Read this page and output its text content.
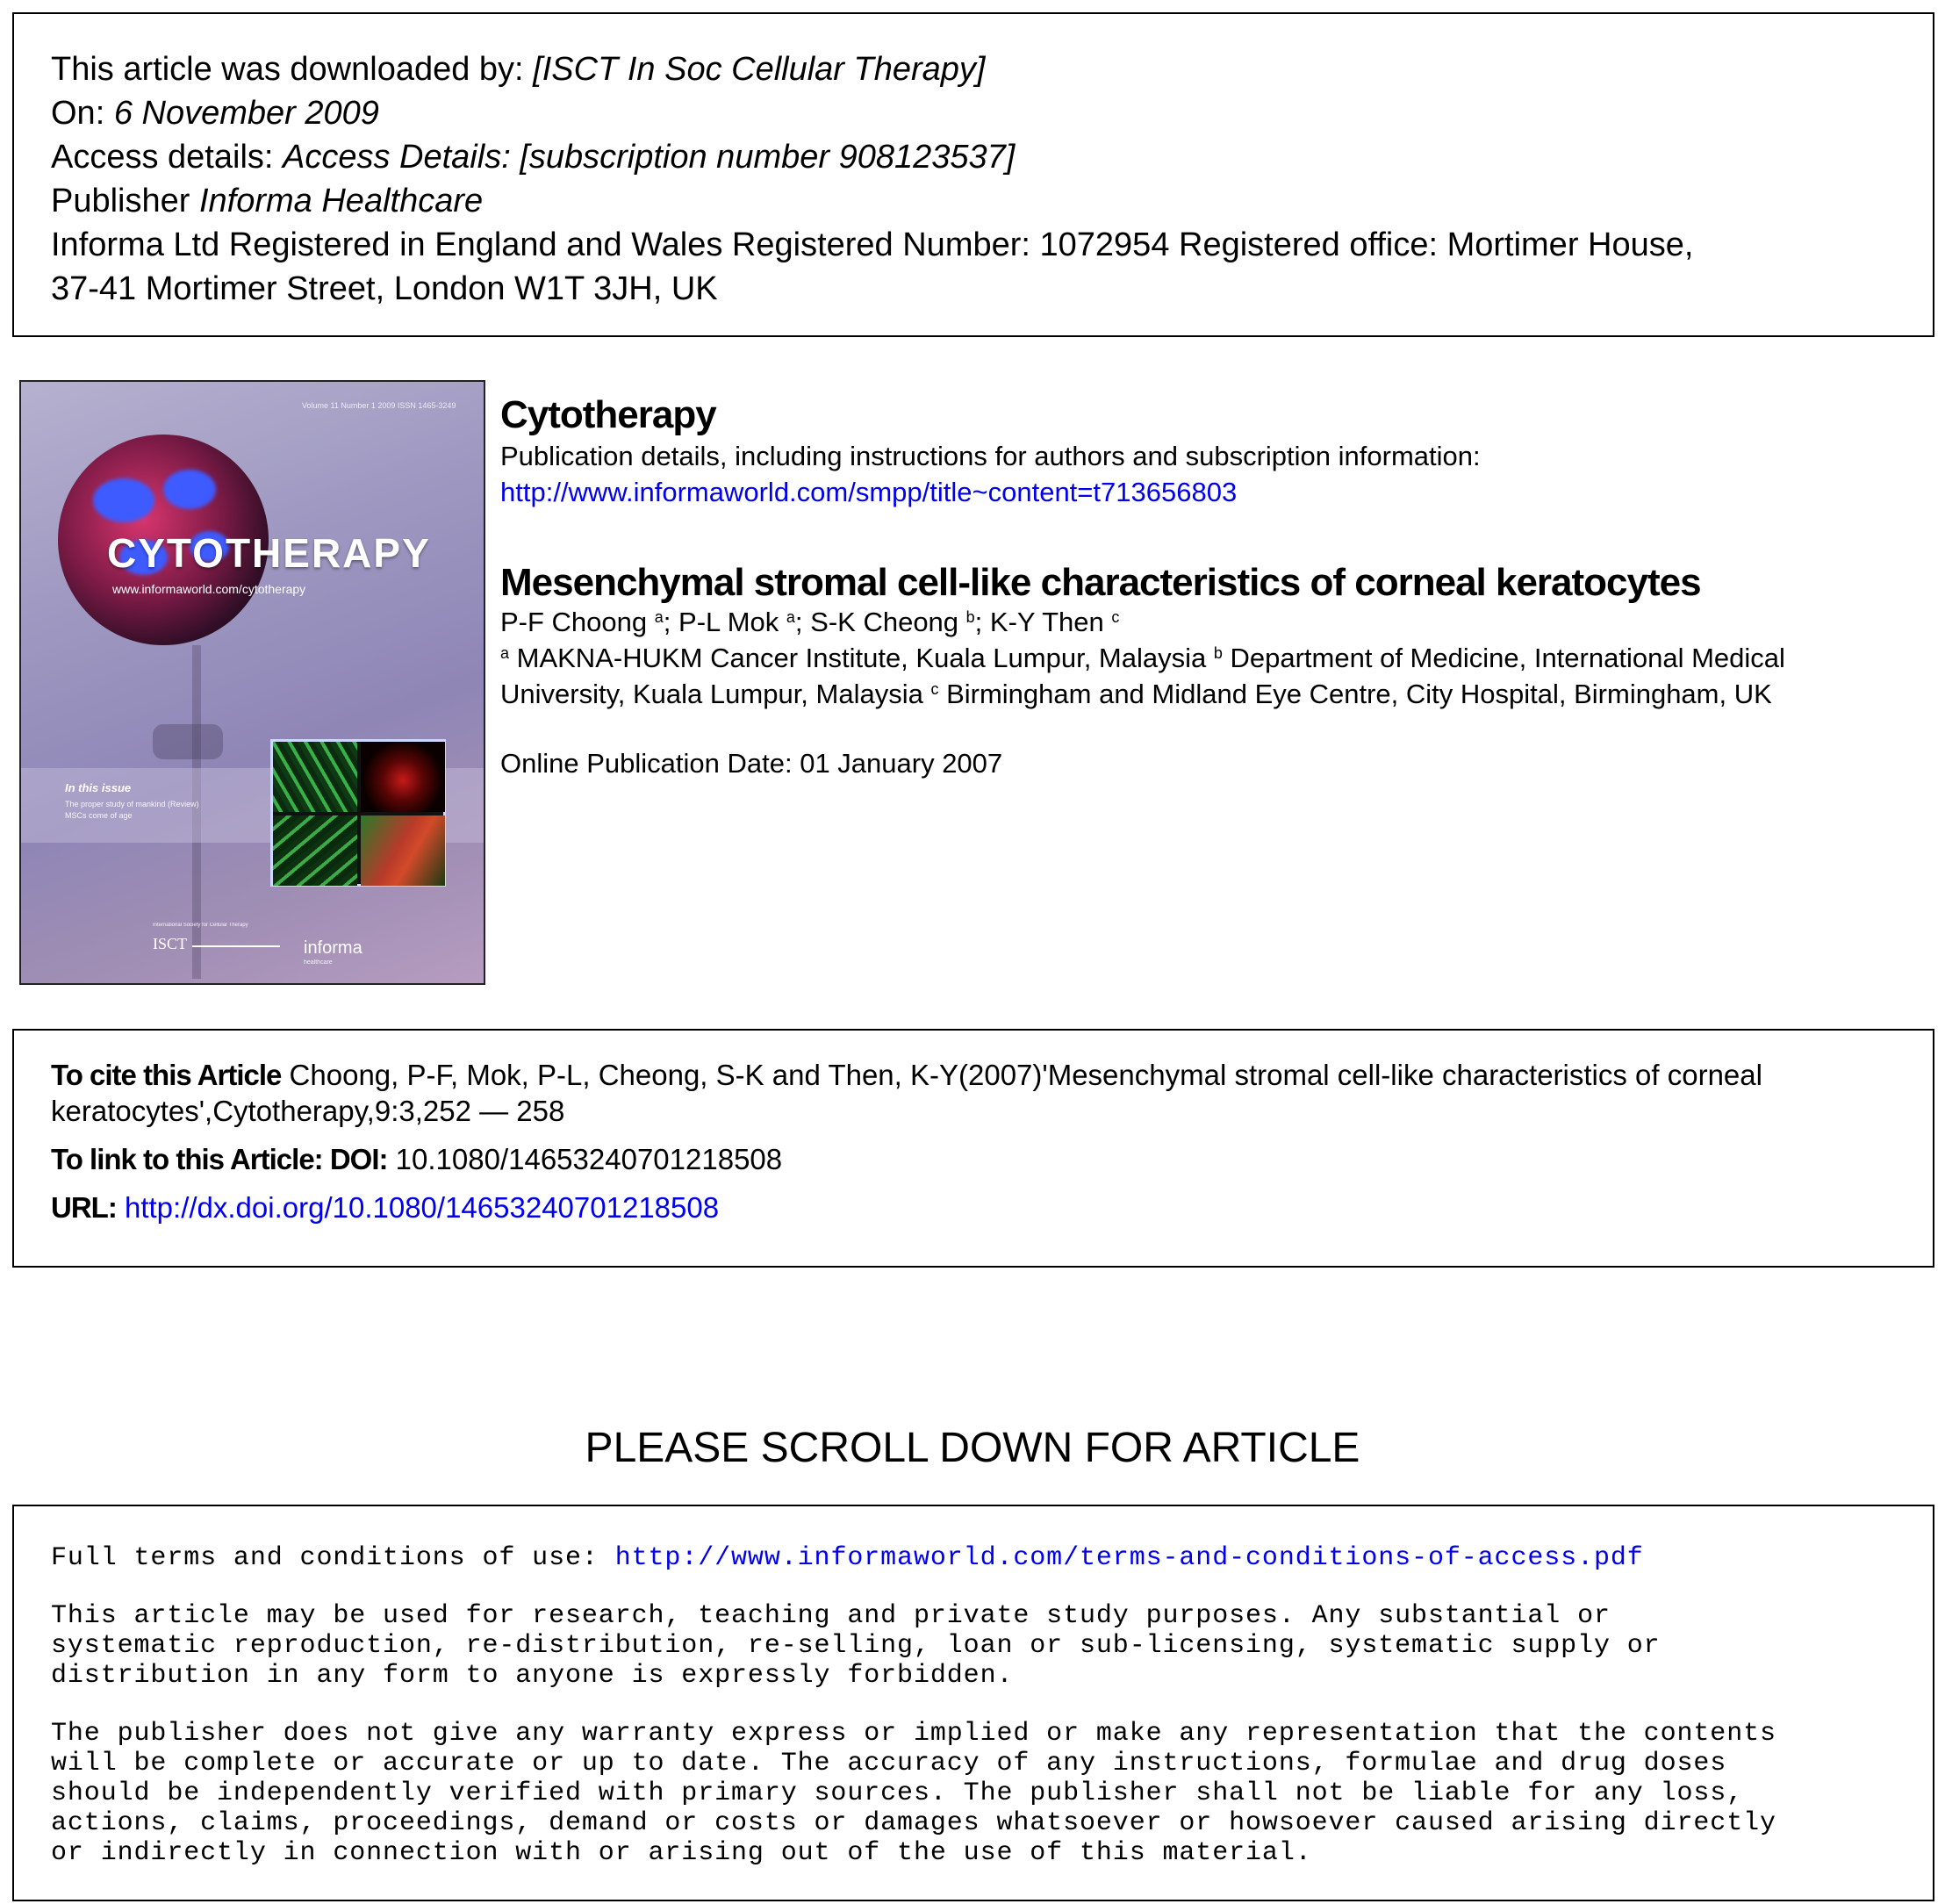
This article was downloaded by: [ISCT In Soc Cellular Therapy]
On: 6 November 2009
Access details: Access Details: [subscription number 908123537]
Publisher Informa Healthcare
Informa Ltd Registered in England and Wales Registered Number: 1072954 Registered office: Mortimer House,
37-41 Mortimer Street, London W1T 3JH, UK
Volume 11 Number 1 2009 ISSN 1465-3249
CYTOTHERAPY
www.informaworld.com/cytotherapy
In this issue
The proper study of mankind (Review)
MSCs come of age
International Society for Cellular Therapy
ISCT	informa
healthcare
Cytotherapy
Publication details, including instructions for authors and subscription information:
http://www.informaworld.com/smpp/title~content=t713656803
Mesenchymal stromal cell-like characteristics of corneal keratocytes
P-F Choong $^a$; P-L Mok $^a$; S-K Cheong $^b$; K-Y Then $^c$
$^a$ MAKNA-HUKM Cancer Institute, Kuala Lumpur, Malaysia $^b$ Department of Medicine, International Medical
University, Kuala Lumpur, Malaysia $^c$ Birmingham and Midland Eye Centre, City Hospital, Birmingham, UK
Online Publication Date: 01 January 2007
To cite this Article Choong, P-F, Mok, P-L, Cheong, S-K and Then, K-Y(2007)'Mesenchymal stromal cell-like characteristics of corneal
keratocytes',Cytotherapy,9:3,252 — 258
To link to this Article: DOI: 10.1080/14653240701218508
URL: http://dx.doi.org/10.1080/14653240701218508
PLEASE SCROLL DOWN FOR ARTICLE
Full terms and conditions of use: http://www.informaworld.com/terms-and-conditions-of-access.pdf
This article may be used for research, teaching and private study purposes. Any substantial or
systematic reproduction, re-distribution, re-selling, loan or sub-licensing, systematic supply or
distribution in any form to anyone is expressly forbidden.
The publisher does not give any warranty express or implied or make any representation that the contents
will be complete or accurate or up to date. The accuracy of any instructions, formulae and drug doses
should be independently verified with primary sources. The publisher shall not be liable for any loss,
actions, claims, proceedings, demand or costs or damages whatsoever or howsoever caused arising directly
or indirectly in connection with or arising out of the use of this material.
